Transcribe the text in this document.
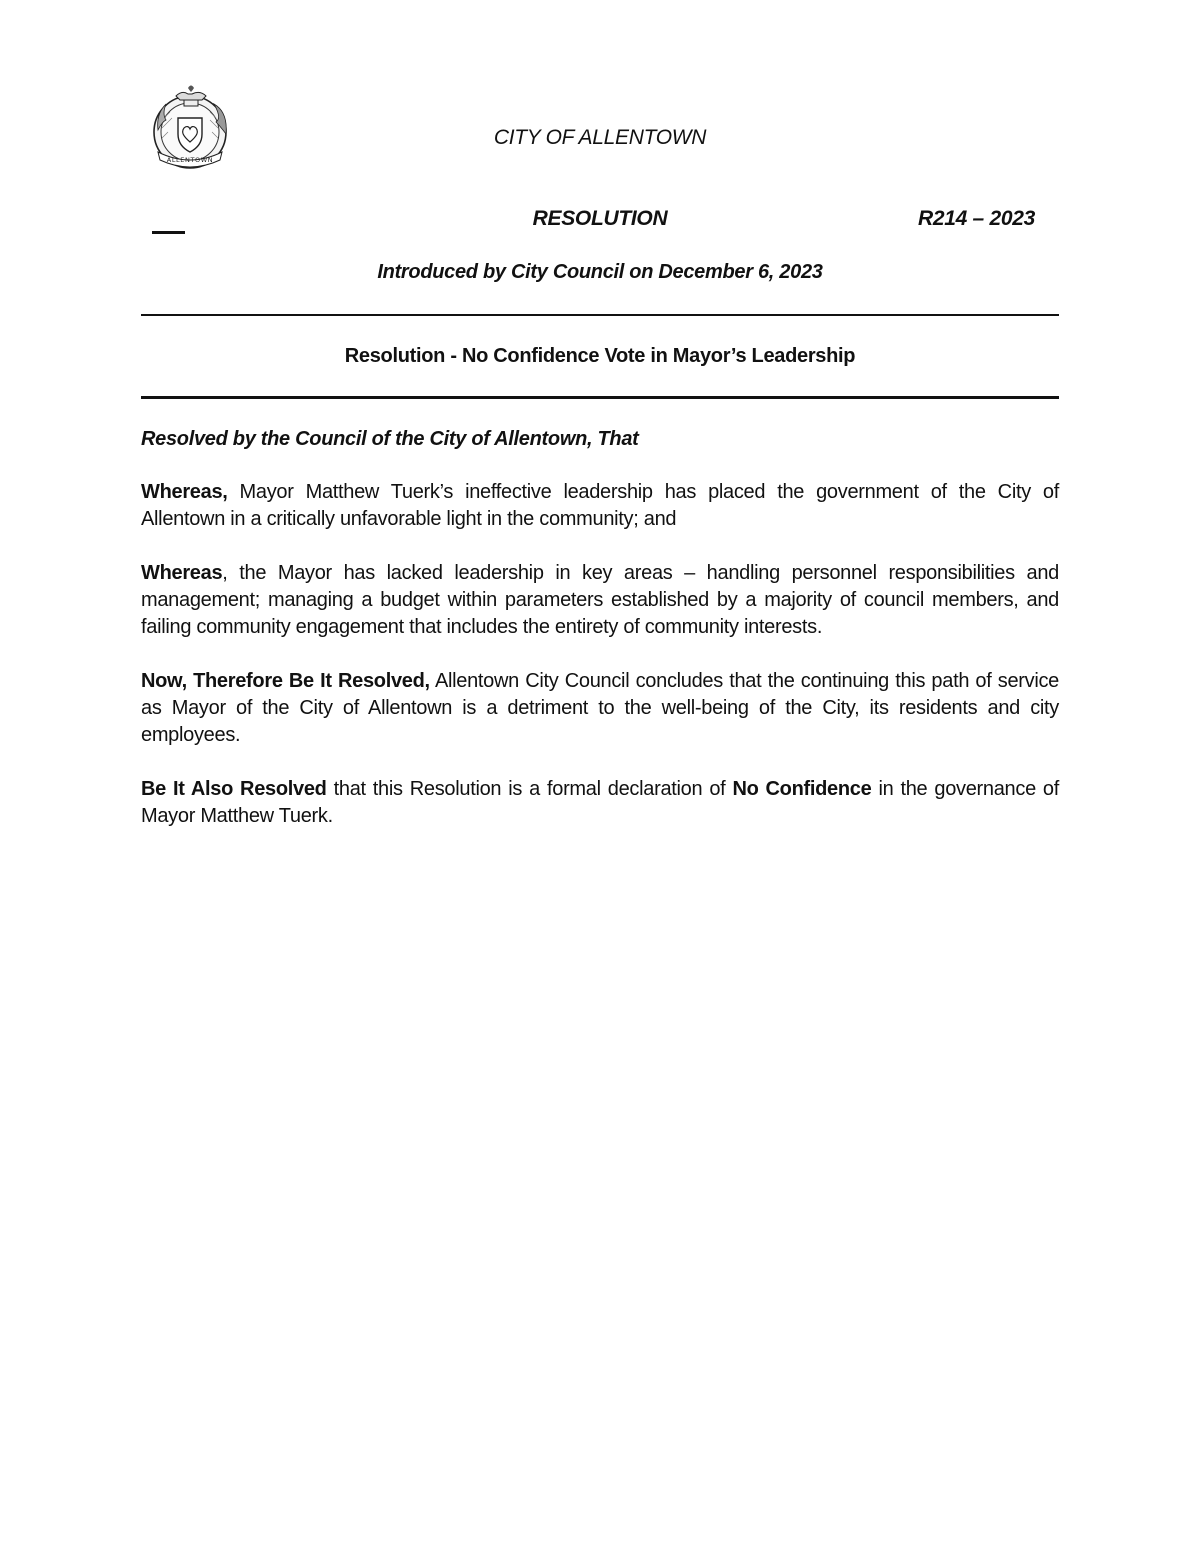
ALLENTOWN
CITY OF ALLENTOWN
RESOLUTION	R214 – 2023
Introduced by City Council on December 6, 2023
Resolution - No Confidence Vote in Mayor’s Leadership

Resolved by the Council of the City of Allentown, That

Whereas, Mayor Matthew Tuerk’s ineffective leadership has placed the government of the City of Allentown in a critically unfavorable light in the community; and

Whereas, the Mayor has lacked leadership in key areas – handling personnel responsibilities and management; managing a budget within parameters established by a majority of council members, and failing community engagement that includes the entirety of community interests.

Now, Therefore Be It Resolved, Allentown City Council concludes that the continuing this path of service as Mayor of the City of Allentown is a detriment to the well-being of the City, its residents and city employees.

Be It Also Resolved that this Resolution is a formal declaration of No Confidence in the governance of Mayor Matthew Tuerk.
